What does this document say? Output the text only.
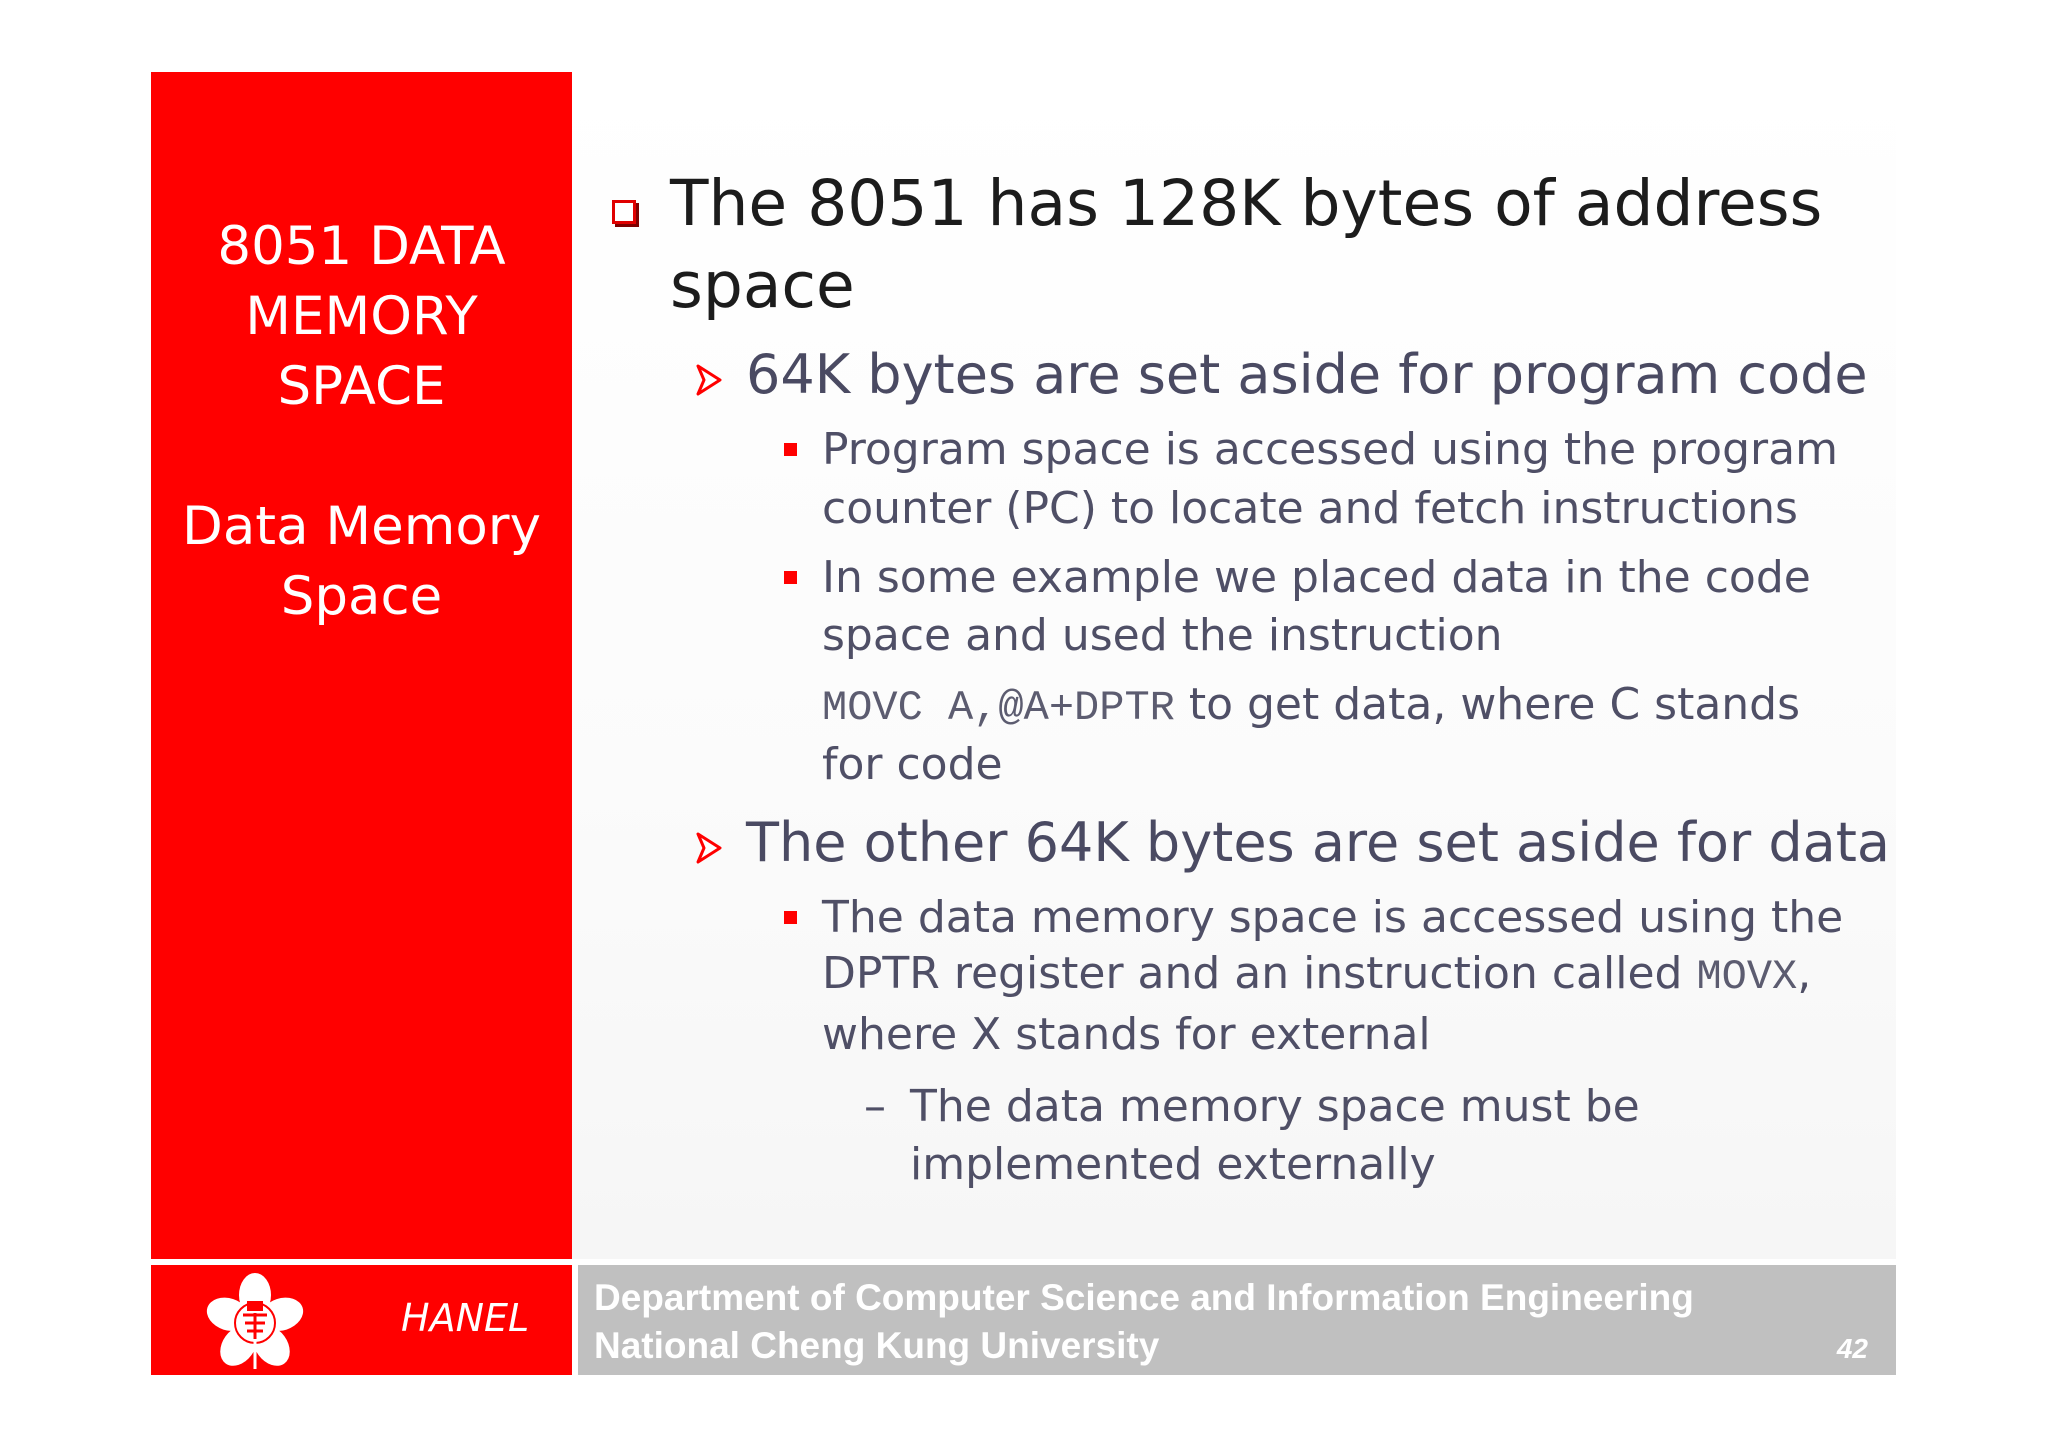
8051 DATA
MEMORY
SPACE
Data Memory
Space
The 8051 has 128K bytes of address
space
64K bytes are set aside for program code
Program space is accessed using the program
counter (PC) to locate and fetch instructions
In some example we placed data in the code
space and used the instruction
MOVC A,@A+DPTR to get data, where C stands
for code
The other 64K bytes are set aside for data
The data memory space is accessed using the
DPTR register and an instruction called MOVX,
where X stands for external
– The data memory space must be
implemented externally
HANEL Department of Computer Science and Information Engineering
National Cheng Kung University	42
